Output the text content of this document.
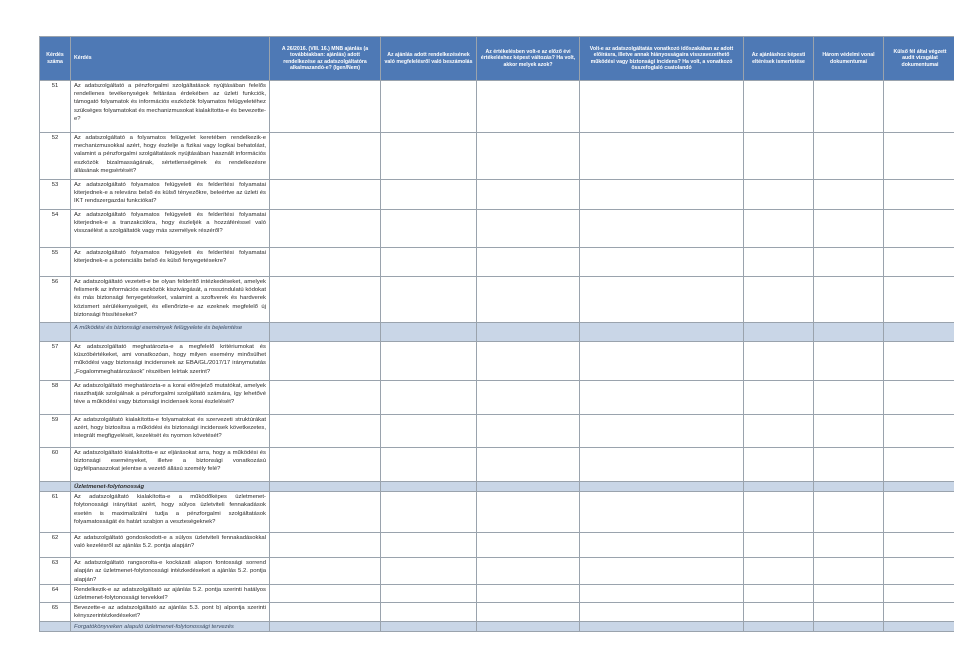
Kérdés száma	Kérdés	A 26/2016. (VIII. 16.) MNB ajánlás (a továbbiakban: ajánlás) adott rendelkezése az adatszolgáltatóra alkalmazandó-e? (Igen/Nem)	Az ajánlás adott rendelkezésének való megfelelésről való beszámolás	Az értékelésben volt-e az előző évi értékeléshez képest változás? Ha volt, akkor melyek azok?	Volt-e az adatszolgáltatás vonatkozó időszakában az adott előírásra, illetve annak hiányosságaira visszavezethető működési vagy biztonsági incidens? Ha volt, a vonatkozó összefoglaló csatolandó	Az ajánláshoz képesti eltérések ismertetése	Három védelmi vonal dokumentumai	Külső fél által végzett audit vizsgálat dokumentumai
51	Az adatszolgáltató a pénzforgalmi szolgáltatások nyújtásában felelős rendellenes tevékenységek feltárása érdekében az üzleti funkciók, támogató folyamatok és információs eszközök folyamatos felügyeletéhez szükséges folyamatokat és mechanizmusokat kialakította-e és bevezette-e?							
52	Az adatszolgáltató a folyamatos felügyelet keretében rendelkezik-e mechanizmusokkal azért, hogy észlelje a fizikai vagy logikai behatolást, valamint a pénzforgalmi szolgáltatások nyújtásában használt információs eszközök bizalmasságának, sértetlenségének és rendelkezésre állásának megsértését?							
53	Az adatszolgáltató folyamatos felügyeleti és felderítési folyamatai kiterjednek-e a releváns belső és külső tényezőkre, beleértve az üzleti és IKT rendszergazdai funkciókat?							
54	Az adatszolgáltató folyamatos felügyeleti és felderítési folyamatai kiterjednek-e a tranzakciókra, hogy észleljék a hozzáféréssel való visszaélést a szolgáltatók vagy más személyek részéről?							
55	Az adatszolgáltató folyamatos felügyeleti és felderítési folyamatai kiterjednek-e a potenciális belső és külső fenyegetésekre?							
56	Az adatszolgáltató vezetett-e be olyan felderítő intézkedéseket, amelyek felismerik az információs eszközök kiszivárgását, a rosszindulatú kódokat és más biztonsági fenyegetéseket, valamint a szoftverek és hardverek közismert sérülékenységeit, és ellenőrizte-e az ezeknek megfelelő új biztonsági frissítéseket?							
	A működési és biztonsági események felügyelete és bejelentése							
57	Az adatszolgáltató meghatározta-e a megfelelő kritériumokat és küszöbértékeket, ami vonatkozóan, hogy milyen esemény minősülhet működési vagy biztonsági incidensnek az EBA/GL/2017/17 iránymutatás „Fogalommeghatározások” részében leírtak szerint?							
58	Az adatszolgáltató meghatározta-e a korai előrejelző mutatókat, amelyek riaszthatják szolgálnak a pénzforgalmi szolgáltató számára, így lehetővé téve a működési vagy biztonsági incidensek korai észlelését?							
59	Az adatszolgáltató kialakította-e folyamatokat és szervezeti struktúrákat azért, hogy biztosítsa a működési és biztonsági incidensek következetes, integrált megfigyelését, kezelését és nyomon követését?							
60	Az adatszolgáltató kialakította-e az eljárásokat arra, hogy a működési és biztonsági eseményeket, illetve a biztonsági vonatkozású ügyfélpanaszokat jelentse a vezető állású személy felé?							
	Üzletmenet-folytonosság							
61	Az adatszolgáltató kialakította-e a működőképes üzletmenet-folytonossági irányítást azért, hogy súlyos üzletviteli fennakadások esetén is maximalizálni tudja a pénzforgalmi szolgáltatások folyamatosságát és határt szabjon a veszteségeknek?							
62	Az adatszolgáltató gondoskodott-e a súlyos üzletviteli fennakadásokkal való kezelésről az ajánlás 5.2. pontja alapján?							
63	Az adatszolgáltató rangsorolta-e kockázati alapon fontossági sorrend alapján az üzletmenet-folytonossági intézkedéseket a ajánlás 5.2. pontja alapján?							
64	Rendelkezik-e az adatszolgáltató az ajánlás 5.2. pontja szerinti hatályos üzletmenet-folytonossági tervekkel?							
65	Bevezette-e az adatszolgáltató az ajánlás 5.3. pont b) alpontja szerinti kényszerintézkedéseket?							
	Forgatókönyveken alapuló üzletmenet-folytonossági tervezés							
